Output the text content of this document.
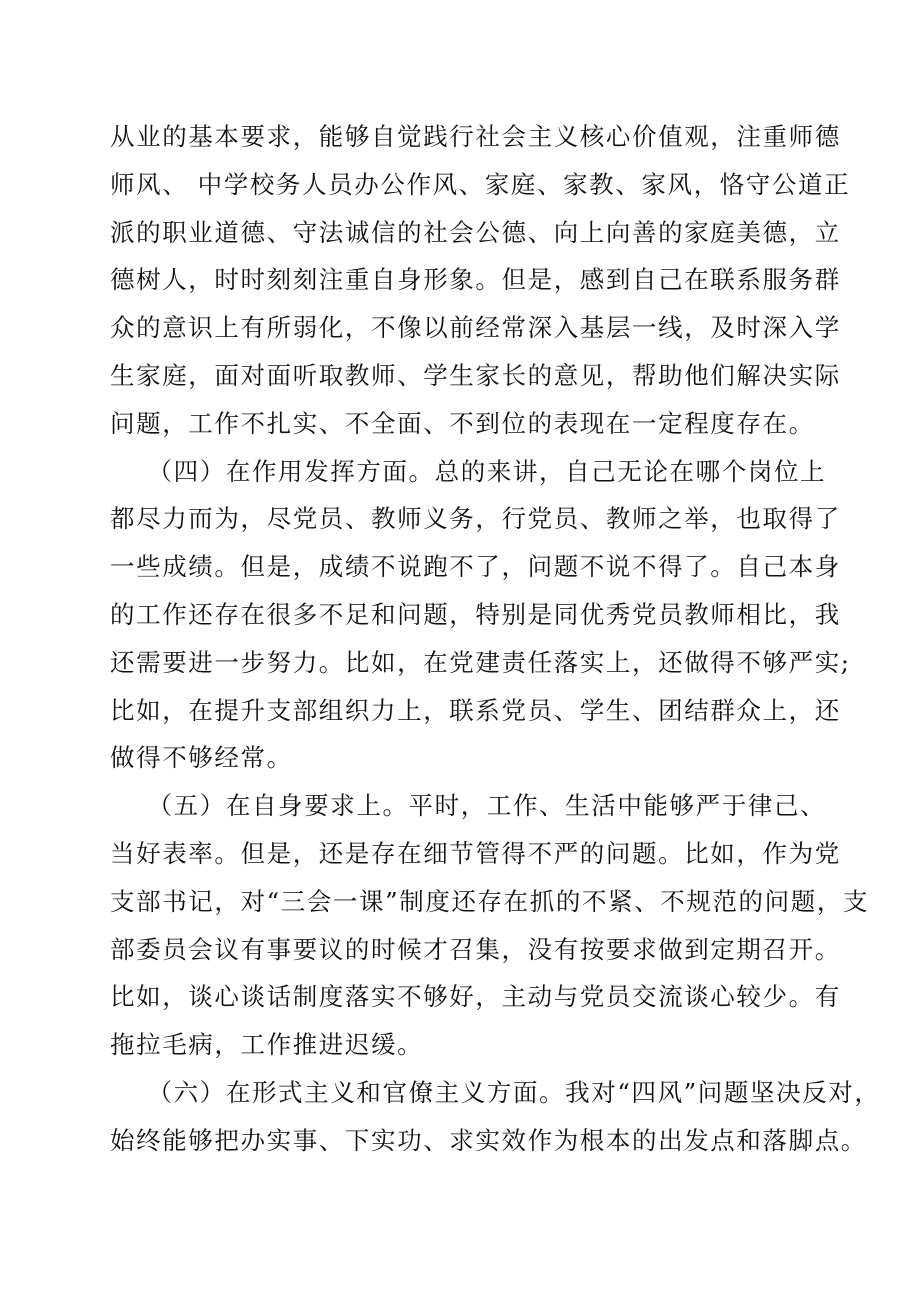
从业的基本要求，能够自觉践行社会主义核心价值观，注重师德
师风、 中学校务人员办公作风、家庭、家教、家风，恪守公道正
派的职业道德、守法诚信的社会公德、向上向善的家庭美德，立
德树人，时时刻刻注重自身形象。但是，感到自己在联系服务群
众的意识上有所弱化，不像以前经常深入基层一线，及时深入学
生家庭，面对面听取教师、学生家长的意见，帮助他们解决实际
问题，工作不扎实、不全面、不到位的表现在一定程度存在。
（四）在作用发挥方面。总的来讲，自己无论在哪个岗位上
都尽力而为，尽党员、教师义务，行党员、教师之举，也取得了
一些成绩。但是，成绩不说跑不了，问题不说不得了。自己本身
的工作还存在很多不足和问题，特别是同优秀党员教师相比，我
还需要进一步努力。比如，在党建责任落实上，还做得不够严实;
比如，在提升支部组织力上，联系党员、学生、团结群众上，还
做得不够经常。
（五）在自身要求上。平时，工作、生活中能够严于律己、
当好表率。但是，还是存在细节管得不严的问题。比如，作为党
支部书记，对“三会一课”制度还存在抓的不紧、不规范的问题，支
部委员会议有事要议的时候才召集，没有按要求做到定期召开。
比如，谈心谈话制度落实不够好，主动与党员交流谈心较少。有
拖拉毛病，工作推进迟缓。
（六）在形式主义和官僚主义方面。我对“四风”问题坚决反对，
始终能够把办实事、下实功、求实效作为根本的出发点和落脚点。
